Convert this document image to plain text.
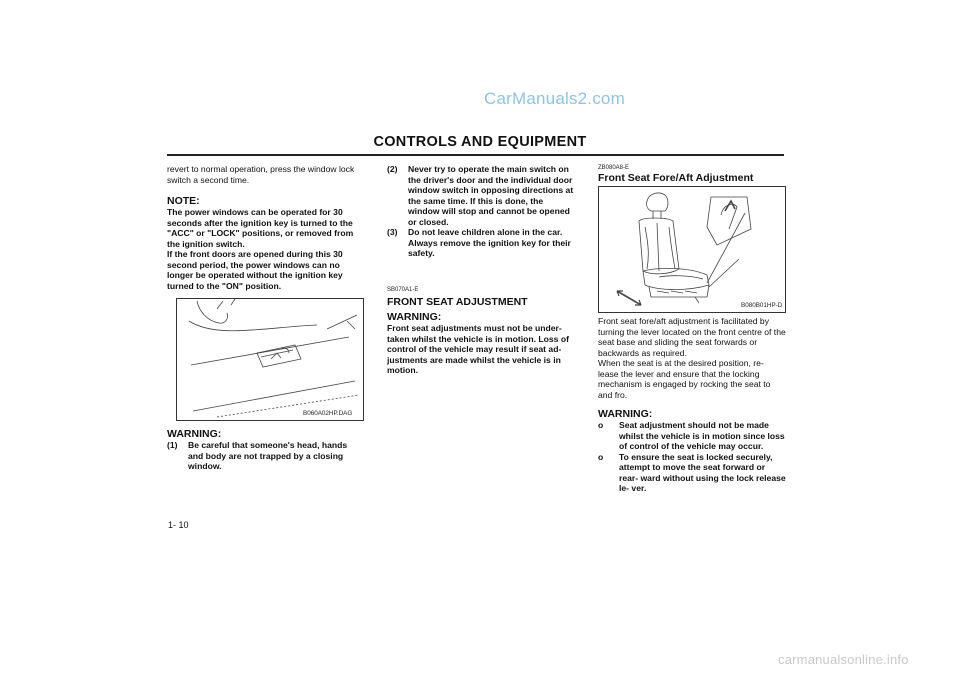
CarManuals2.com
CONTROLS AND EQUIPMENT

revert to normal operation, press the window lock switch a second time.

NOTE:

The power windows can be operated for 30 seconds after the ignition key is turned to the "ACC" or "LOCK" positions, or removed from the ignition switch.

If the front doors are opened during this 30 second period, the power windows can no longer be operated without the ignition key turned to the "ON" position.

B060A02HP.DAG
WARNING:
(1) Be careful that someone's head, hands and body are not trapped by a closing window.
(2) Never try to operate the main switch on the driver's door and the individual door window switch in opposing directions at the same time. If this is done, the window will stop and cannot be opened or closed.
(3) Do not leave children alone in the car. Always remove the ignition key for their safety.
SB070A1-E
FRONT SEAT ADJUSTMENT
WARNING:

Front seat adjustments must not be under- taken whilst the vehicle is in motion. Loss of control of the vehicle may result if seat ad- justments are made whilst the vehicle is in motion.

ZB080A8-E
Front Seat Fore/Aft Adjustment
B080B01HP-D

Front seat fore/aft adjustment is facilitated by turning the lever located on the front centre of the seat base and sliding the seat forwards or backwards as required.

When the seat is at the desired position, re- lease the lever and ensure that the locking mechanism is engaged by rocking the seat to and fro.

WARNING:
o Seat adjustment should not be made whilst the vehicle is in motion since loss of control of the vehicle may occur.
o To ensure the seat is locked securely, attempt to move the seat forward or rear- ward without using the lock release le- ver.
1- 10
carmanualsonline.info
